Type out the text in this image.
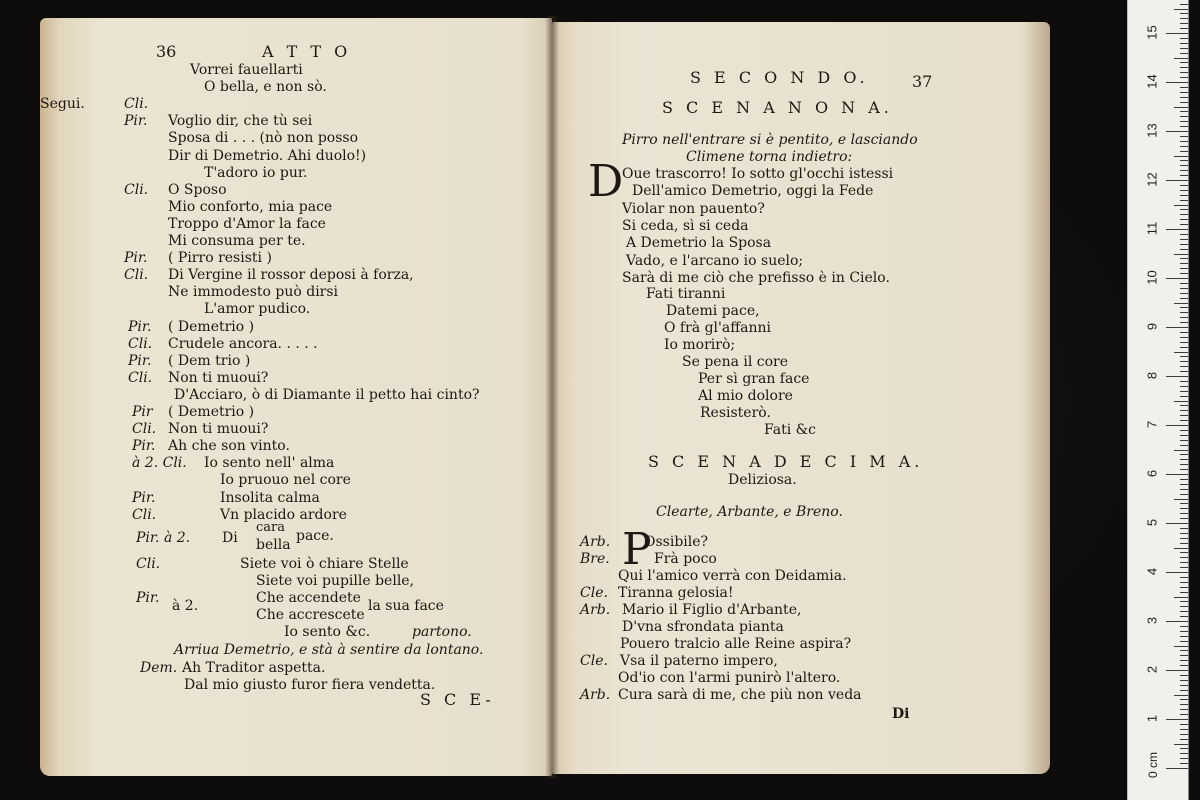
36	A T T O
Vorrei fauellarti
O bella, e non sò.
Cli.
Segui.
Pir. Voglio dir, che tù sei
Sposa di . . . (nò non posso
Dir di Demetrio. Ahi duolo!)
T'adoro io pur.
Cli. O Sposo
Mio conforto, mia pace
Troppo d'Amor la face
Mi consuma per te.
Pir. ( Pirro resisti )
Cli. Di Vergine il rossor deposi à forza,
Ne immodesto può dirsi
L'amor pudico.
Pir. ( Demetrio )
Cli. Crudele ancora. . . . .
Pir. ( Dem trio )
Cli. Non ti muoui?
D'Acciaro, ò di Diamante il petto hai cinto?
Pir ( Demetrio )
Cli. Non ti muoui?
Pir. Ah che son vinto.
à 2. Cli. Io sento nell' alma
Io pruouo nel core
Pir.	Insolita calma
Cli.	Vn placido ardore
Pir. à 2. Di
cara
bella
pace.
Cli.	Siete voi ò chiare Stelle
Siete voi pupille belle,
Pir. à 2.	Che accendete
Che accrescete
la sua face
Io sento &c.	partono.
Arriua Demetrio, e stà à sentire da lontano.
Dem. Ah Traditor aspetta.
Dal mio giusto furor fiera vendetta.
S C E-
S E C O N D O.	37
S C E N A N O N A.
Pirro nell'entrare si è pentito, e lasciando
Climene torna indietro:
D
Oue trascorro! Io sotto gl'occhi istessi
Dell'amico Demetrio, oggi la Fede
Violar non pauento?
Si ceda, sì si ceda
A Demetrio la Sposa
Vado, e l'arcano io suelo;
Sarà di me ciò che prefisso è in Cielo.
Fati tiranni
Datemi pace,
O frà gl'affanni
Io morirò;
Se pena il core
Per sì gran face
Al mio dolore
Resisterò.
Fati &c
S C E N A D E C I M A.
Deliziosa.
Clearte, Arbante, e Breno.
P
Arb. Ossibile?
Bre.	Frà poco
Qui l'amico verrà con Deidamia.
Cle. Tiranna gelosia!
Arb. Mario il Figlio d'Arbante,
D'vna sfrondata pianta
Pouero tralcio alle Reine aspira?
Cle. Vsa il paterno impero,
Od'io con l'armi punirò l'altero.
Arb. Cura sarà di me, che più non veda
Di	1
2
3
4
5
6
7
8
9
10
11
12
13
14
15
0 cm
